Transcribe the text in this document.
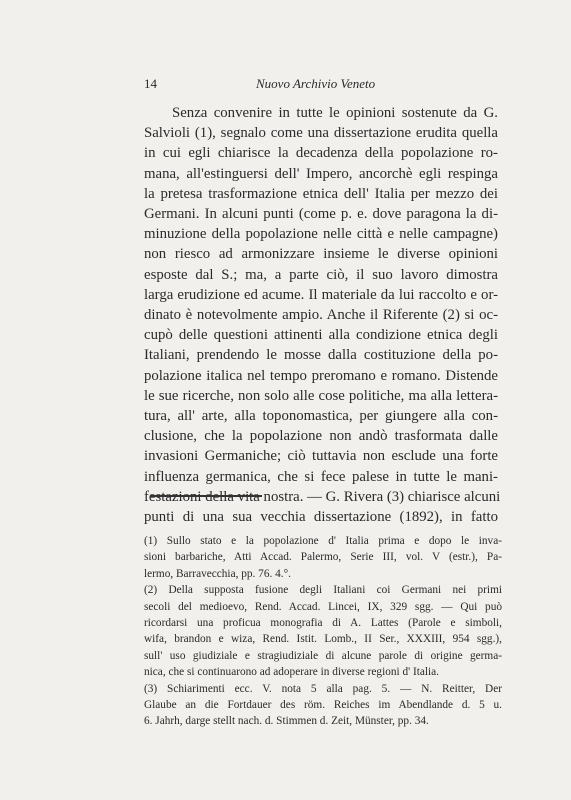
14	Nuovo Archivio Veneto
Senza convenire in tutte le opinioni sostenute da G.
Salvioli (1), segnalo come una dissertazione erudita quella
in cui egli chiarisce la decadenza della popolazione ro-
mana, all'estinguersi dell' Impero, ancorchè egli respinga
la pretesa trasformazione etnica dell' Italia per mezzo dei
Germani. In alcuni punti (come p. e. dove paragona la di-
minuzione della popolazione nelle città e nelle campagne)
non riesco ad armonizzare insieme le diverse opinioni
esposte dal S.; ma, a parte ciò, il suo lavoro dimostra
larga erudizione ed acume. Il materiale da lui raccolto e or-
dinato è notevolmente ampio. Anche il Riferente (2) si oc-
cupò delle questioni attinenti alla condizione etnica degli
Italiani, prendendo le mosse dalla costituzione della po-
polazione italica nel tempo preromano e romano. Distende
le sue ricerche, non solo alle cose politiche, ma alla lettera-
tura, all' arte, alla toponomastica, per giungere alla con-
clusione, che la popolazione non andò trasformata dalle
invasioni Germaniche; ciò tuttavia non esclude una forte
influenza germanica, che si fece palese in tutte le mani-
festazioni della vita nostra. — G. Rivera (3) chiarisce alcuni
punti di una sua vecchia dissertazione (1892), in fatto
(1) Sullo stato e la popolazione d' Italia prima e dopo le inva-
sioni barbariche, Atti Accad. Palermo, Serie III, vol. V (estr.), Pa-
lermo, Barravecchia, pp. 76. 4.°.
(2) Della supposta fusione degli Italiani coi Germani nei primi
secoli del medioevo, Rend. Accad. Lincei, IX, 329 sgg. — Qui può
ricordarsi una proficua monografia di A. Lattes (Parole e simboli,
wifa, brandon e wiza, Rend. Istit. Lomb., II Ser., XXXIII, 954 sgg.),
sull' uso giudiziale e stragiudiziale di alcune parole di origine germa-
nica, che si continuarono ad adoperare in diverse regioni d' Italia.
(3) Schiarimenti ecc. V. nota 5 alla pag. 5. — N. Reitter, Der
Glaube an die Fortdauer des röm. Reiches im Abendlande d. 5 u.
6. Jahrh, darge stellt nach. d. Stimmen d. Zeit, Münster, pp. 34.
